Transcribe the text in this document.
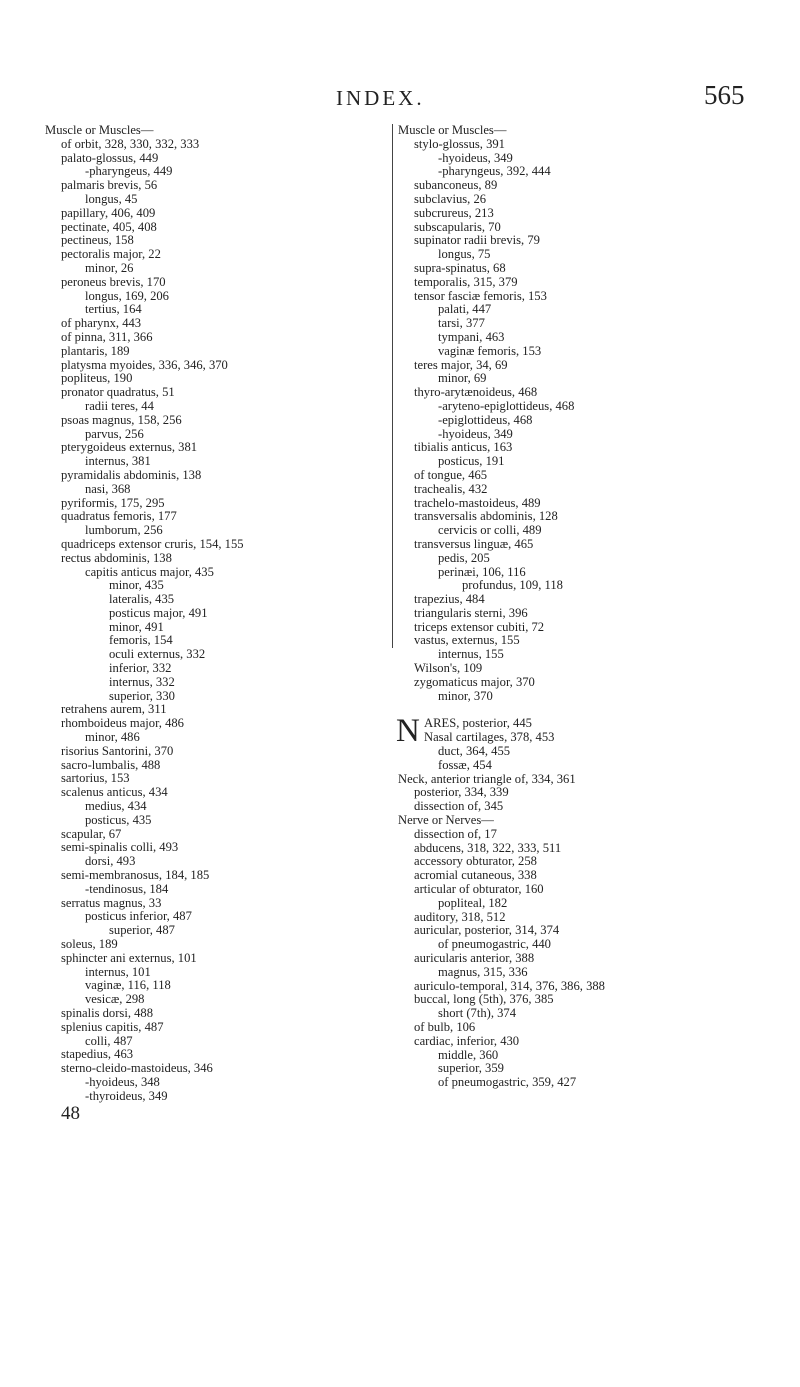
INDEX.	565
Muscle or Muscles—
of orbit, 328, 330, 332, 333
palato-glossus, 449
-pharyngeus, 449
palmaris brevis, 56
longus, 45
papillary, 406, 409
pectinate, 405, 408
pectineus, 158
pectoralis major, 22
minor, 26
peroneus brevis, 170
longus, 169, 206
tertius, 164
of pharynx, 443
of pinna, 311, 366
plantaris, 189
platysma myoides, 336, 346, 370
popliteus, 190
pronator quadratus, 51
radii teres, 44
psoas magnus, 158, 256
parvus, 256
pterygoideus externus, 381
internus, 381
pyramidalis abdominis, 138
nasi, 368
pyriformis, 175, 295
quadratus femoris, 177
lumborum, 256
quadriceps extensor cruris, 154, 155
rectus abdominis, 138
capitis anticus major, 435
minor, 435
lateralis, 435
posticus major, 491
minor, 491
femoris, 154
oculi externus, 332
inferior, 332
internus, 332
superior, 330
retrahens aurem, 311
rhomboideus major, 486
minor, 486
risorius Santorini, 370
sacro-lumbalis, 488
sartorius, 153
scalenus anticus, 434
medius, 434
posticus, 435
scapular, 67
semi-spinalis colli, 493
dorsi, 493
semi-membranosus, 184, 185
-tendinosus, 184
serratus magnus, 33
posticus inferior, 487
superior, 487
soleus, 189
sphincter ani externus, 101
internus, 101
vaginæ, 116, 118
vesicæ, 298
spinalis dorsi, 488
splenius capitis, 487
colli, 487
stapedius, 463
sterno-cleido-mastoideus, 346
-hyoideus, 348
-thyroideus, 349
48
Muscle or Muscles—
stylo-glossus, 391
-hyoideus, 349
-pharyngeus, 392, 444
subanconeus, 89
subclavius, 26
subcrureus, 213
subscapularis, 70
supinator radii brevis, 79
longus, 75
supra-spinatus, 68
temporalis, 315, 379
tensor fasciæ femoris, 153
palati, 447
tarsi, 377
tympani, 463
vaginæ femoris, 153
teres major, 34, 69
minor, 69
thyro-arytænoideus, 468
-aryteno-epiglottideus, 468
-epiglottideus, 468
-hyoideus, 349
tibialis anticus, 163
posticus, 191
of tongue, 465
trachealis, 432
trachelo-mastoideus, 489
transversalis abdominis, 128
cervicis or colli, 489
transversus linguæ, 465
pedis, 205
perinæi, 106, 116
profundus, 109, 118
trapezius, 484
triangularis sterni, 396
triceps extensor cubiti, 72
vastus, externus, 155
internus, 155
Wilson's, 109
zygomaticus major, 370
minor, 370
N ARES, posterior, 445
Nasal cartilages, 378, 453
duct, 364, 455
fossæ, 454
Neck, anterior triangle of, 334, 361
posterior, 334, 339
dissection of, 345
Nerve or Nerves—
dissection of, 17
abducens, 318, 322, 333, 511
accessory obturator, 258
acromial cutaneous, 338
articular of obturator, 160
popliteal, 182
auditory, 318, 512
auricular, posterior, 314, 374
of pneumogastric, 440
auricularis anterior, 388
magnus, 315, 336
auriculo-temporal, 314, 376, 386, 388
buccal, long (5th), 376, 385
short (7th), 374
of bulb, 106
cardiac, inferior, 430
middle, 360
superior, 359
of pneumogastric, 359, 427
